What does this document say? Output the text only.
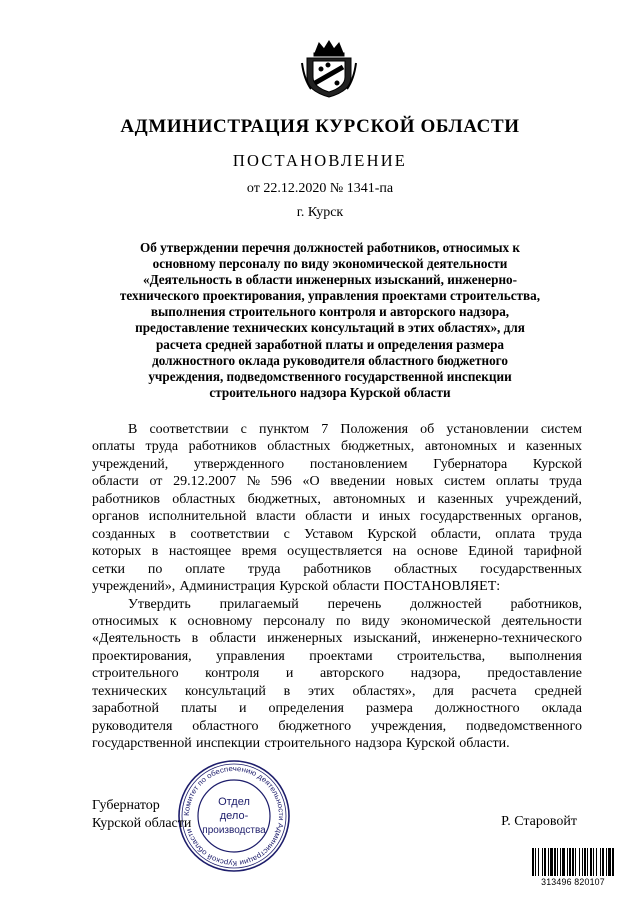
АДМИНИСТРАЦИЯ КУРСКОЙ ОБЛАСТИ
ПОСТАНОВЛЕНИЕ
от 22.12.2020 № 1341-па
г. Курск
Об утверждении перечня должностей работников, относимых к
основному персоналу по виду экономической деятельности
«Деятельность в области инженерных изысканий, инженерно-
технического проектирования, управления проектами строительства,
выполнения строительного контроля и авторского надзора,
предоставление технических консультаций в этих областях», для
расчета средней заработной платы и определения размера
должностного оклада руководителя областного бюджетного
учреждения, подведомственного государственной инспекции
строительного надзора Курской области
В соответствии с пунктом 7 Положения об установлении систем
оплаты труда работников областных бюджетных, автономных и казенных
учреждений, утвержденного постановлением Губернатора Курской
области от 29.12.2007 № 596 «О введении новых систем оплаты труда
работников областных бюджетных, автономных и казенных учреждений,
органов исполнительной власти области и иных государственных органов,
созданных в соответствии с Уставом Курской области, оплата труда
которых в настоящее время осуществляется на основе Единой тарифной
сетки по оплате труда работников областных государственных
учреждений», Администрация Курской области ПОСТАНОВЛЯЕТ:
Утвердить прилагаемый перечень должностей работников,
относимых к основному персоналу по виду экономической деятельности
«Деятельность в области инженерных изысканий, инженерно-технического
проектирования, управления проектами строительства, выполнения
строительного контроля и авторского надзора, предоставление
технических консультаций в этих областях», для расчета средней
заработной платы и определения размера должностного оклада
руководителя областного бюджетного учреждения, подведомственного
государственной инспекции строительного надзора Курской области.
Комитет по обеспечению деятельности Администрации Курской области
Отдел
дело-
производства
Губернатор
Курской области	Р. Старовойт
313496 820107
